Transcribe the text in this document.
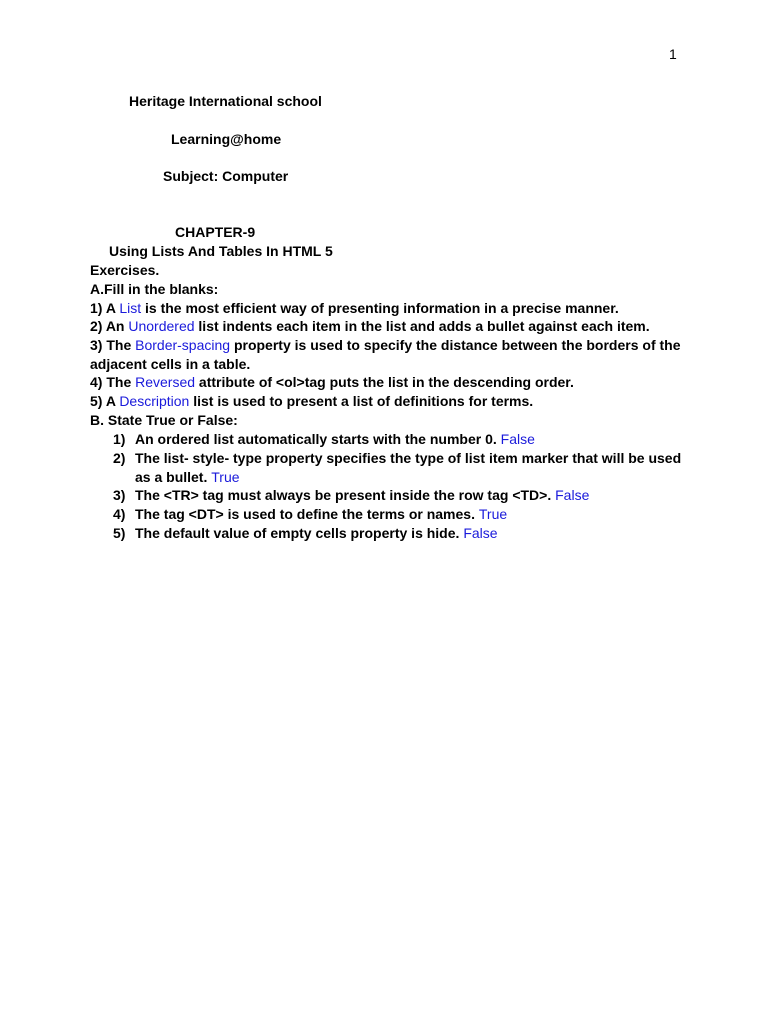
1
Heritage International school
Learning@home
Subject: Computer
CHAPTER-9
Using Lists And Tables In HTML 5
Exercises.
A.Fill in the blanks:
1) A List is the most efficient way of presenting information in a precise manner.
2) An Unordered list indents each item in the list and adds a bullet against each item.
3) The Border-spacing property is used to specify the distance between the borders of the
adjacent cells in a table.
4) The Reversed attribute of <ol>tag puts the list in the descending order.
5) A Description list is used to present a list of definitions for terms.
B. State True or False:
1) An ordered list automatically starts with the number 0. False
2) The list- style- type property specifies the type of list item marker that will be used as a bullet. True
3) The <TR> tag must always be present inside the row tag <TD>. False
4) The tag <DT> is used to define the terms or names. True
5) The default value of empty cells property is hide. False
